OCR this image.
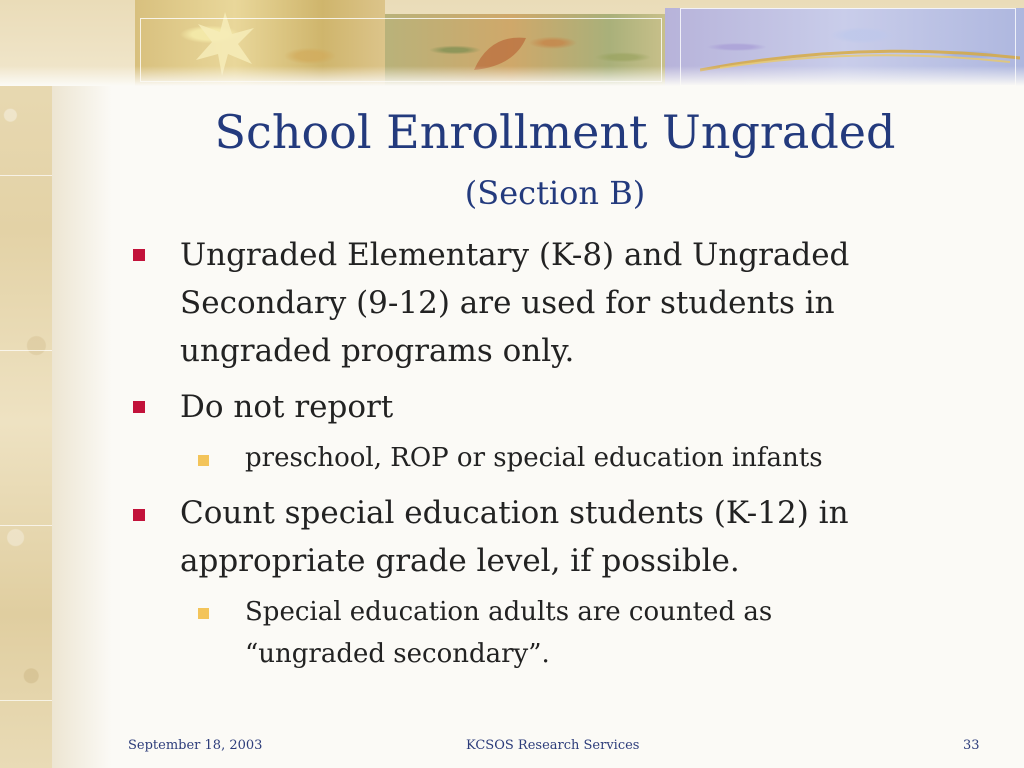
School Enrollment Ungraded
(Section B)
Ungraded Elementary (K-8) and Ungraded
Secondary (9-12) are used for students in
ungraded programs only.
Do not report
preschool, ROP or special education infants
Count special education students (K-12) in
appropriate grade level, if possible.
Special education adults are counted as
“ungraded secondary”.
September 18, 2003	KCSOS Research Services	33
